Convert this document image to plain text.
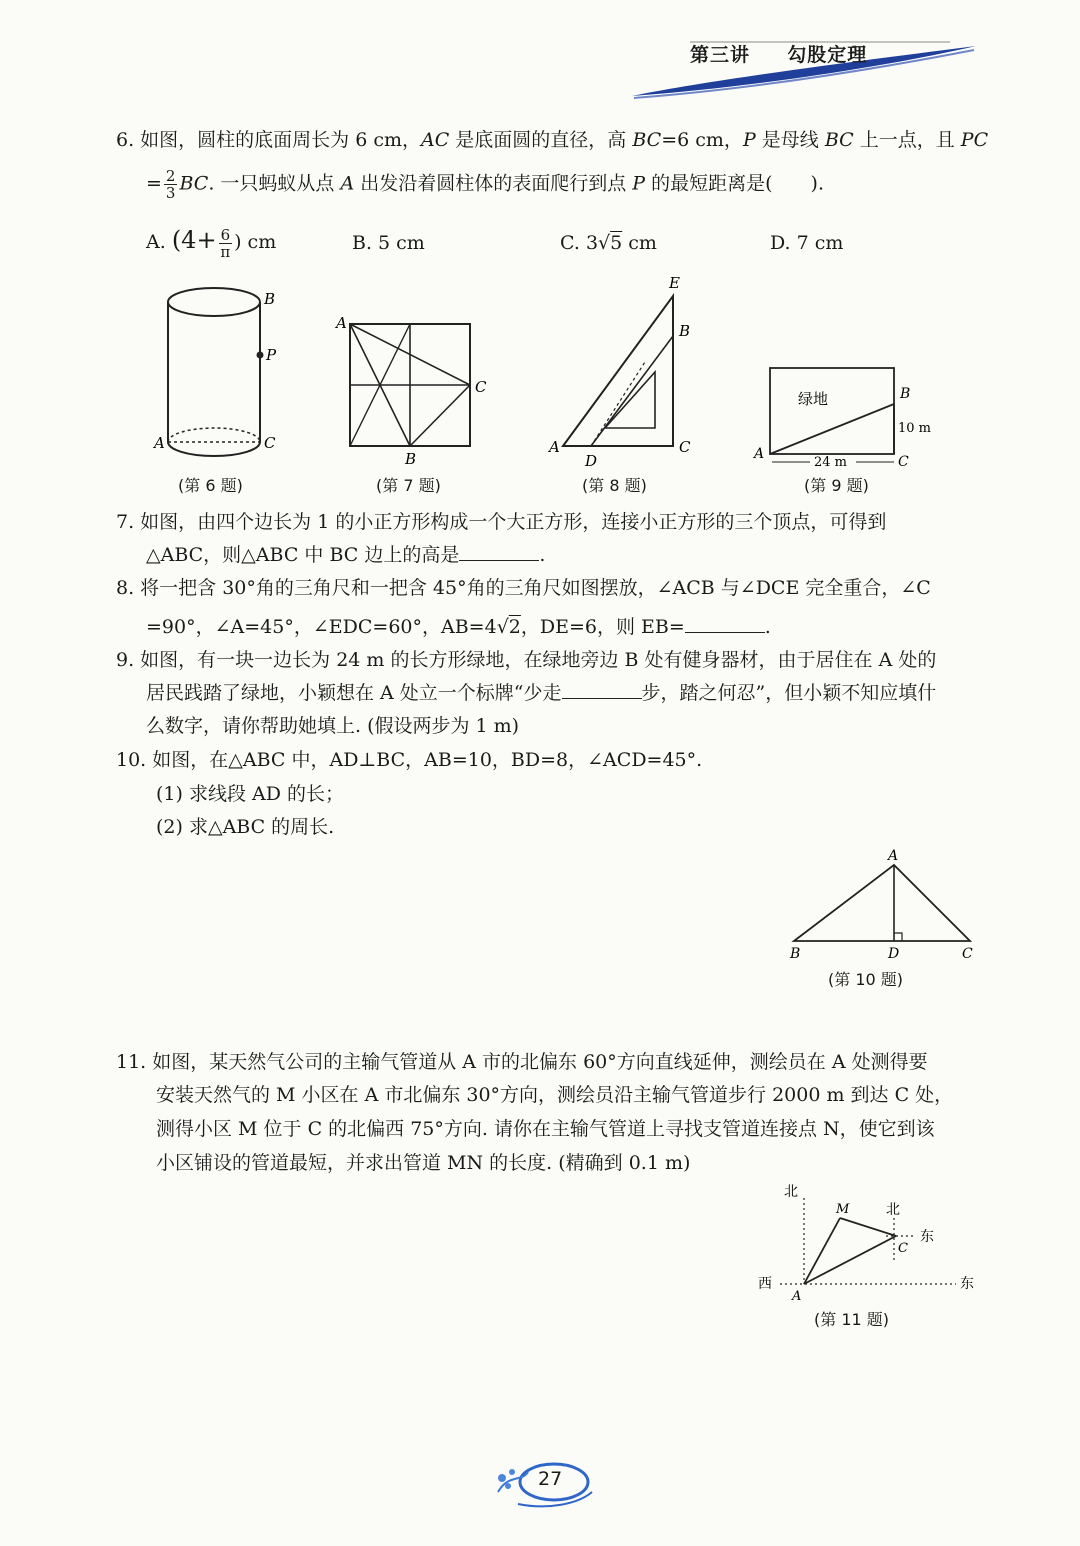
第三讲 勾股定理
6. 如图，圆柱的底面周长为 6 cm，AC 是底面圆的直径，高 BC=6 cm，P 是母线 BC 上一点，且 PC
= $\frac{2}{3}$ BC. 一只蚂蚁从点 A 出发沿着圆柱体的表面爬行到点 P 的最短距离是(　　).
A. ($4+ \frac{6}{\pi}$ ) cm	B. 5 cm	C. 3√5 cm	D. 7 cm
B
P
A	C
(第 6 题)
A
C
B
(第 7 题)
E
B
A
D
C
(第 8 题)
绿地	B
10 m
A
24 m	C
(第 9 题)
7. 如图，由四个边长为 1 的小正方形构成一个大正方形，连接小正方形的三个顶点，可得到
△ABC，则△ABC 中 BC 边上的高是	.
8. 将一把含 30°角的三角尺和一把含 45°角的三角尺如图摆放，∠ACB 与∠DCE 完全重合，∠C
=90°，∠A=45°，∠EDC=60°，AB=4√2，DE=6，则 EB=	.
9. 如图，有一块一边长为 24 m 的长方形绿地，在绿地旁边 B 处有健身器材，由于居住在 A 处的
居民践踏了绿地，小颖想在 A 处立一个标牌“少走	步，踏之何忍”，但小颖不知应填什
么数字，请你帮助她填上. (假设两步为 1 m)
10. 如图，在△ABC 中，AD⊥BC，AB=10，BD=8，∠ACD=45°.
(1) 求线段 AD 的长；
(2) 求△ABC 的周长.
A
B	D	C
(第 10 题)
11. 如图，某天然气公司的主输气管道从 A 市的北偏东 60°方向直线延伸，测绘员在 A 处测得要
安装天然气的 M 小区在 A 市北偏东 30°方向，测绘员沿主输气管道步行 2000 m 到达 C 处，
测得小区 M 位于 C 的北偏西 75°方向. 请你在主输气管道上寻找支管道连接点 N，使它到该
小区铺设的管道最短，并求出管道 MN 的长度. (精确到 0.1 m)
北
M	北
东
C
西
A
东
(第 11 题)
27
